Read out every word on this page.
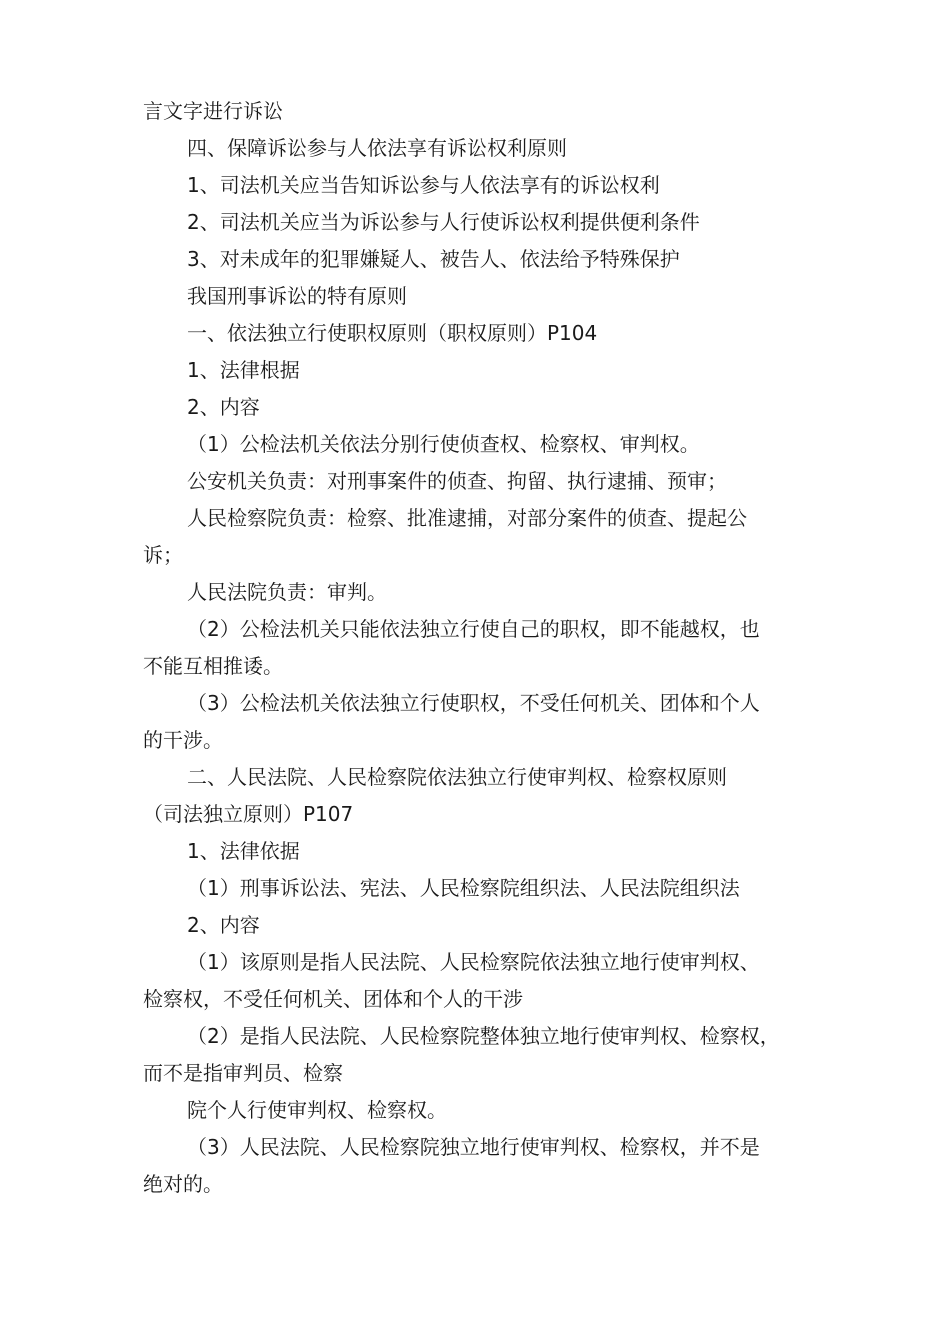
言文字进行诉讼

四、保障诉讼参与人依法享有诉讼权利原则

1、司法机关应当告知诉讼参与人依法享有的诉讼权利

2、司法机关应当为诉讼参与人行使诉讼权利提供便利条件

3、对未成年的犯罪嫌疑人、被告人、依法给予特殊保护

我国刑事诉讼的特有原则

一、依法独立行使职权原则（职权原则）P104

1、法律根据

2、内容

（1）公检法机关依法分别行使侦查权、检察权、审判权。

公安机关负责：对刑事案件的侦查、拘留、执行逮捕、预审；

人民检察院负责：检察、批准逮捕，对部分案件的侦查、提起公

诉；

人民法院负责：审判。

（2）公检法机关只能依法独立行使自己的职权，即不能越权，也

不能互相推诿。

（3）公检法机关依法独立行使职权，不受任何机关、团体和个人

的干涉。

二、人民法院、人民检察院依法独立行使审判权、检察权原则

（司法独立原则）P107

1、法律依据

（1）刑事诉讼法、宪法、人民检察院组织法、人民法院组织法

2、内容

（1）该原则是指人民法院、人民检察院依法独立地行使审判权、

检察权，不受任何机关、团体和个人的干涉

（2）是指人民法院、人民检察院整体独立地行使审判权、检察权，

而不是指审判员、检察

院个人行使审判权、检察权。

（3）人民法院、人民检察院独立地行使审判权、检察权，并不是

绝对的。
